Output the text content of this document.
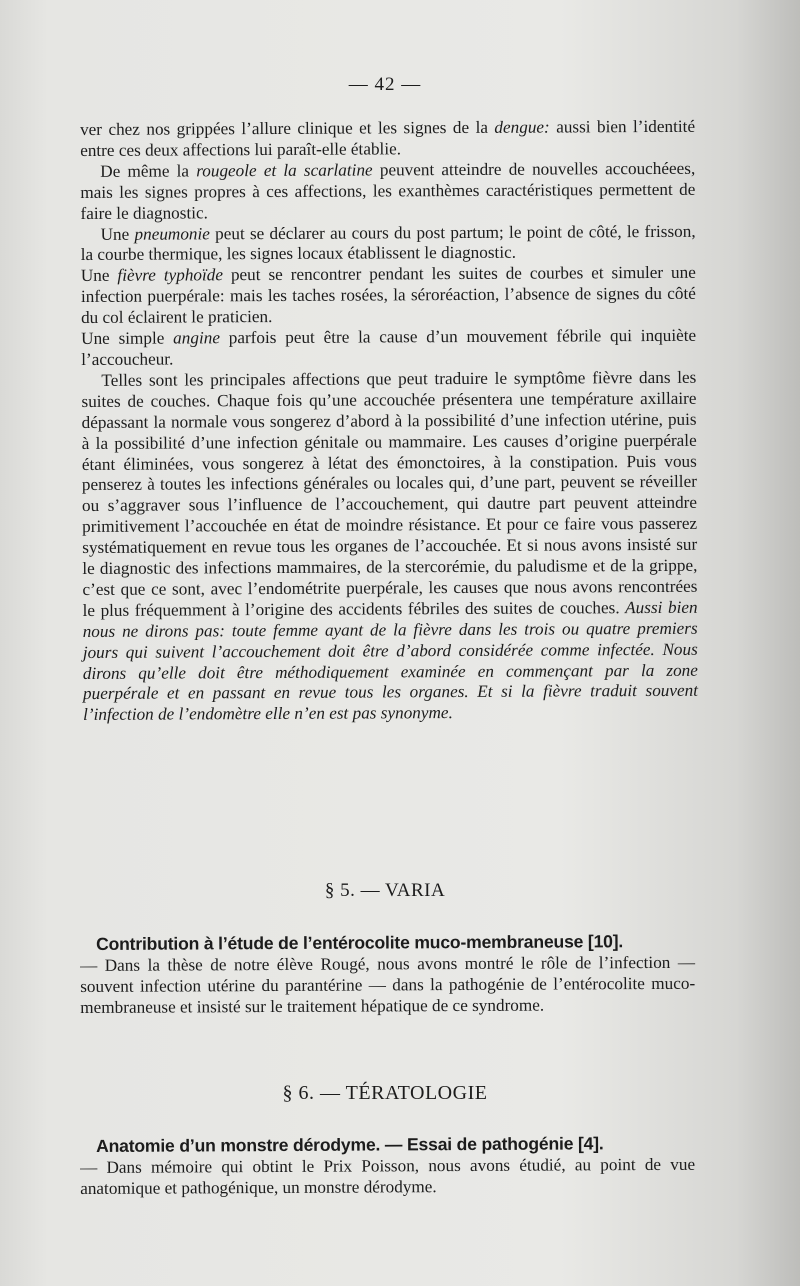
— 42 —

ver chez nos grippées l’allure clinique et les signes de la dengue: aussi bien l’identité entre ces deux affections lui paraît-elle établie.

De même la rougeole et la scarlatine peuvent atteindre de nouvelles accouchéees, mais les signes propres à ces affections, les exanthèmes caractéristiques permettent de faire le diagnostic.

Une pneumonie peut se déclarer au cours du post partum; le point de côté, le frisson, la courbe thermique, les signes locaux établissent le diagnostic.

Une fièvre typhoïde peut se rencontrer pendant les suites de courbes et simuler une infection puerpérale: mais les taches rosées, la séroréaction, l’absence de signes du côté du col éclairent le praticien.

Une simple angine parfois peut être la cause d’un mouvement fébrile qui inquiète l’accoucheur.

Telles sont les principales affections que peut traduire le symptôme fièvre dans les suites de couches. Chaque fois qu’une accouchée présentera une température axillaire dépassant la normale vous songerez d’abord à la possibilité d’une infection utérine, puis à la possibilité d’une infection génitale ou mammaire. Les causes d’origine puerpérale étant éliminées, vous songerez à létat des émonctoires, à la constipation. Puis vous penserez à toutes les infections générales ou locales qui, d’une part, peuvent se réveiller ou s’aggraver sous l’influence de l’accouchement, qui dautre part peuvent atteindre primitivement l’accouchée en état de moindre résistance. Et pour ce faire vous passerez systématiquement en revue tous les organes de l’accouchée. Et si nous avons insisté sur le diagnostic des infections mammaires, de la stercorémie, du paludisme et de la grippe, c’est que ce sont, avec l’endométrite puerpérale, les causes que nous avons rencontrées le plus fréquemment à l’origine des accidents fébriles des suites de couches. Aussi bien nous ne dirons pas: toute femme ayant de la fièvre dans les trois ou quatre premiers jours qui suivent l’accouchement doit être d’abord considérée comme infectée. Nous dirons qu’elle doit être méthodiquement examinée en commençant par la zone puerpérale et en passant en revue tous les organes. Et si la fièvre traduit souvent l’infection de l’endomètre elle n’en est pas synonyme.

§ 5. — VARIA
Contribution à l’étude de l’entérocolite muco-membraneuse [10].

— Dans la thèse de notre élève Rougé, nous avons montré le rôle de l’infection — souvent infection utérine du parantérine — dans la pathogénie de l’entérocolite muco-membraneuse et insisté sur le traitement hépatique de ce syndrome.

§ 6. — TÉRATOLOGIE
Anatomie d’un monstre dérodyme. — Essai de pathogénie [4].

— Dans mémoire qui obtint le Prix Poisson, nous avons étudié, au point de vue anatomique et pathogénique, un monstre dérodyme.
